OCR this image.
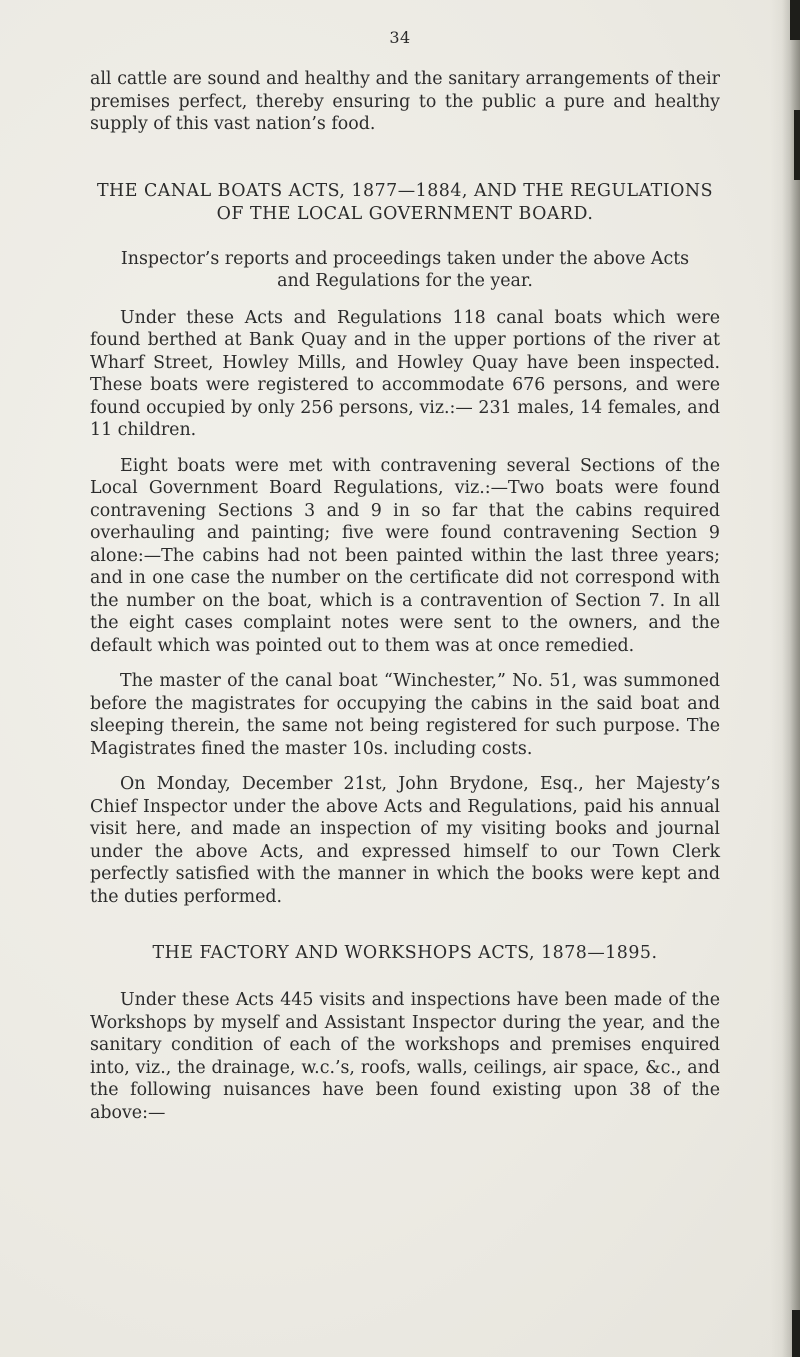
34

all cattle are sound and healthy and the sanitary arrangements of their premises perfect, thereby ensuring to the public a pure and healthy supply of this vast nation’s food.

THE CANAL BOATS ACTS, 1877—1884, AND THE REGULATIONS OF THE LOCAL GOVERNMENT BOARD.

Inspector’s reports and proceedings taken under the above Acts and Regulations for the year.

Under these Acts and Regulations 118 canal boats which were found berthed at Bank Quay and in the upper portions of the river at Wharf Street, Howley Mills, and Howley Quay have been inspected. These boats were registered to accommodate 676 persons, and were found occupied by only 256 persons, viz.:— 231 males, 14 females, and 11 children.

Eight boats were met with contravening several Sections of the Local Government Board Regulations, viz.:—Two boats were found contravening Sections 3 and 9 in so far that the cabins required overhauling and painting; five were found contravening Section 9 alone:—The cabins had not been painted within the last three years; and in one case the number on the certificate did not correspond with the number on the boat, which is a contravention of Section 7. In all the eight cases complaint notes were sent to the owners, and the default which was pointed out to them was at once remedied.

The master of the canal boat “Winchester,” No. 51, was summoned before the magistrates for occupying the cabins in the said boat and sleeping therein, the same not being registered for such purpose. The Magistrates fined the master 10s. including costs.

On Monday, December 21st, John Brydone, Esq., her Majesty’s Chief Inspector under the above Acts and Regulations, paid his annual visit here, and made an inspection of my visiting books and journal under the above Acts, and expressed himself to our Town Clerk perfectly satisfied with the manner in which the books were kept and the duties performed.

THE FACTORY AND WORKSHOPS ACTS, 1878—1895.

Under these Acts 445 visits and inspections have been made of the Workshops by myself and Assistant Inspector during the year, and the sanitary condition of each of the workshops and premises enquired into, viz., the drainage, w.c.’s, roofs, walls, ceilings, air space, &c., and the following nuisances have been found existing upon 38 of the above:—
